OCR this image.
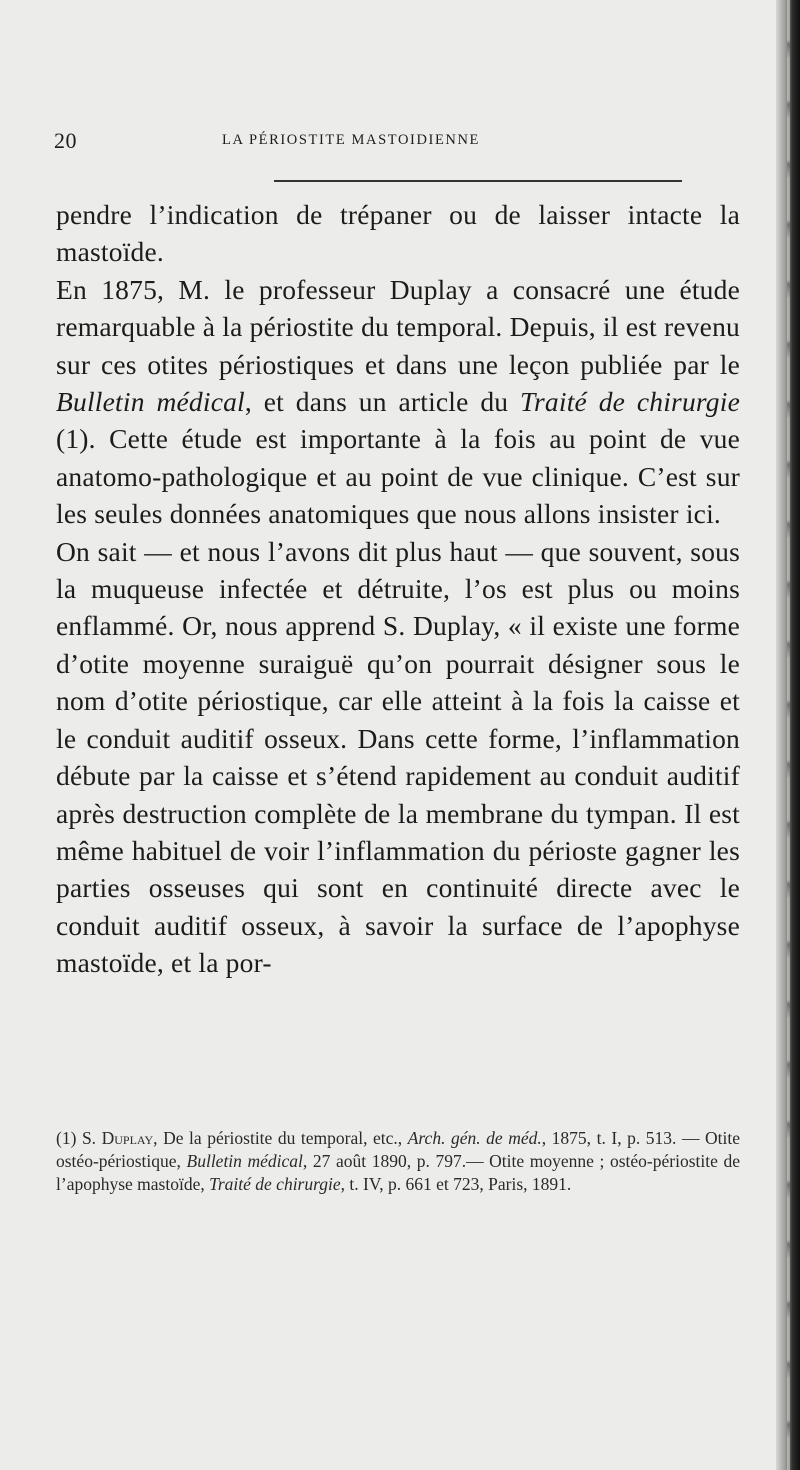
20	LA PÉRIOSTITE MASTOIDIENNE

pendre l’indication de trépaner ou de laisser intacte la mastoïde.

En 1875, M. le professeur Duplay a consacré une étude remarquable à la périostite du temporal. Depuis, il est revenu sur ces otites périostiques et dans une leçon publiée par le Bulletin médical, et dans un article du Traité de chirurgie (1). Cette étude est importante à la fois au point de vue anatomo-pathologique et au point de vue clinique. C’est sur les seules données anatomiques que nous allons insister ici.

On sait — et nous l’avons dit plus haut — que souvent, sous la muqueuse infectée et détruite, l’os est plus ou moins enflammé. Or, nous apprend S. Duplay, « il existe une forme d’otite moyenne suraiguë qu’on pourrait désigner sous le nom d’otite périostique, car elle atteint à la fois la caisse et le conduit auditif osseux. Dans cette forme, l’inflammation débute par la caisse et s’étend rapidement au conduit auditif après destruction complète de la membrane du tympan. Il est même habituel de voir l’inflammation du périoste gagner les parties osseuses qui sont en continuité directe avec le conduit auditif osseux, à savoir la surface de l’apophyse mastoïde, et la por-

(1) S. Duplay, De la périostite du temporal, etc., Arch. gén. de méd., 1875, t. I, p. 513. — Otite ostéo-périostique, Bulletin médical, 27 août 1890, p. 797.— Otite moyenne ; ostéo-périostite de l’apophyse mastoïde, Traité de chirurgie, t. IV, p. 661 et 723, Paris, 1891.
